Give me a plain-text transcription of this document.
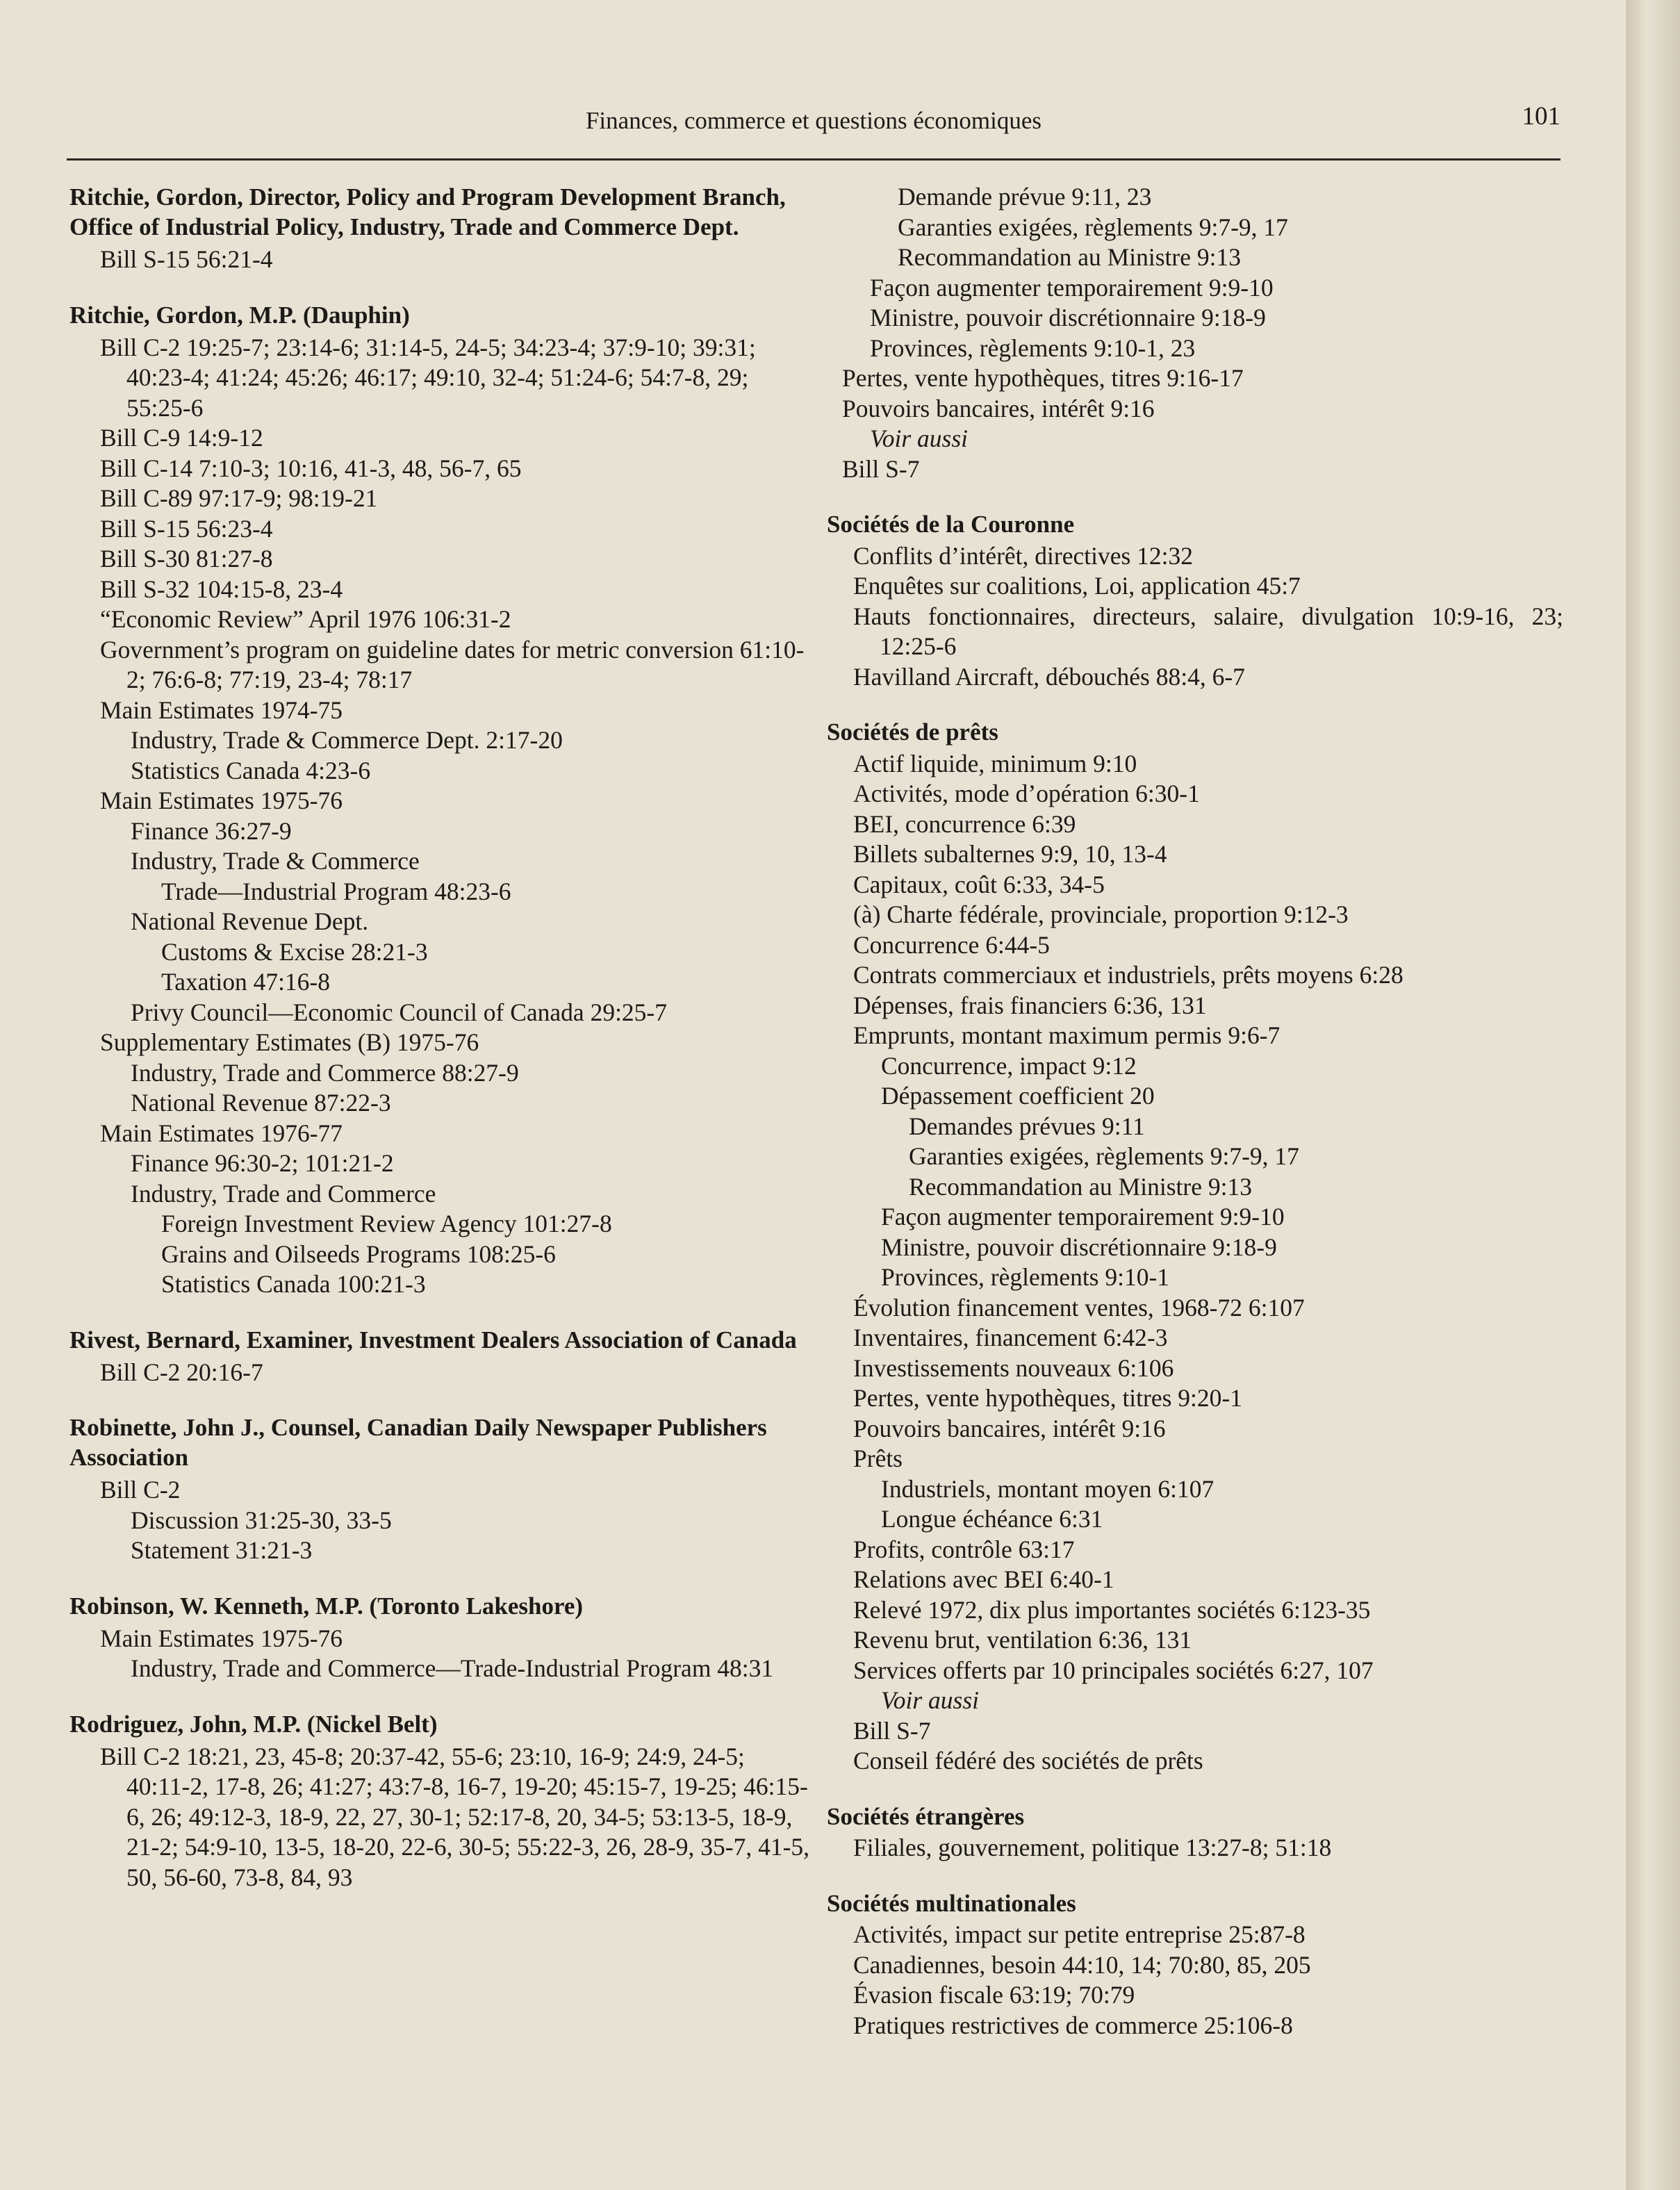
Finances, commerce et questions économiques	101
Ritchie, Gordon, Director, Policy and Program Development Branch, Office of Industrial Policy, Industry, Trade and Commerce Dept.
Bill S-15 56:21-4
Ritchie, Gordon, M.P. (Dauphin)
Bill C-2 19:25-7; 23:14-6; 31:14-5, 24-5; 34:23-4; 37:9-10; 39:31; 40:23-4; 41:24; 45:26; 46:17; 49:10, 32-4; 51:24-6; 54:7-8, 29; 55:25-6
Bill C-9 14:9-12
Bill C-14 7:10-3; 10:16, 41-3, 48, 56-7, 65
Bill C-89 97:17-9; 98:19-21
Bill S-15 56:23-4
Bill S-30 81:27-8
Bill S-32 104:15-8, 23-4
“Economic Review” April 1976 106:31-2
Government’s program on guideline dates for metric conversion 61:10-2; 76:6-8; 77:19, 23-4; 78:17
Main Estimates 1974-75
Industry, Trade & Commerce Dept. 2:17-20
Statistics Canada 4:23-6
Main Estimates 1975-76
Finance 36:27-9
Industry, Trade & Commerce
Trade—Industrial Program 48:23-6
National Revenue Dept.
Customs & Excise 28:21-3
Taxation 47:16-8
Privy Council—Economic Council of Canada 29:25-7
Supplementary Estimates (B) 1975-76
Industry, Trade and Commerce 88:27-9
National Revenue 87:22-3
Main Estimates 1976-77
Finance 96:30-2; 101:21-2
Industry, Trade and Commerce
Foreign Investment Review Agency 101:27-8
Grains and Oilseeds Programs 108:25-6
Statistics Canada 100:21-3
Rivest, Bernard, Examiner, Investment Dealers Association of Canada
Bill C-2 20:16-7
Robinette, John J., Counsel, Canadian Daily Newspaper Publishers Association
Bill C-2
Discussion 31:25-30, 33-5
Statement 31:21-3
Robinson, W. Kenneth, M.P. (Toronto Lakeshore)
Main Estimates 1975-76
Industry, Trade and Commerce—Trade-Industrial Program 48:31
Rodriguez, John, M.P. (Nickel Belt)
Bill C-2 18:21, 23, 45-8; 20:37-42, 55-6; 23:10, 16-9; 24:9, 24-5; 40:11-2, 17-8, 26; 41:27; 43:7-8, 16-7, 19-20; 45:15-7, 19-25; 46:15-6, 26; 49:12-3, 18-9, 22, 27, 30-1; 52:17-8, 20, 34-5; 53:13-5, 18-9, 21-2; 54:9-10, 13-5, 18-20, 22-6, 30-5; 55:22-3, 26, 28-9, 35-7, 41-5, 50, 56-60, 73-8, 84, 93
Demande prévue 9:11, 23
Garanties exigées, règlements 9:7-9, 17
Recommandation au Ministre 9:13
Façon augmenter temporairement 9:9-10
Ministre, pouvoir discrétionnaire 9:18-9
Provinces, règlements 9:10-1, 23
Pertes, vente hypothèques, titres 9:16-17
Pouvoirs bancaires, intérêt 9:16
Voir aussi
Bill S-7
Sociétés de la Couronne
Conflits d’intérêt, directives 12:32
Enquêtes sur coalitions, Loi, application 45:7
Hauts fonctionnaires, directeurs, salaire, divulgation 10:9-16, 23; 12:25-6
Havilland Aircraft, débouchés 88:4, 6-7
Sociétés de prêts
Actif liquide, minimum 9:10
Activités, mode d’opération 6:30-1
BEI, concurrence 6:39
Billets subalternes 9:9, 10, 13-4
Capitaux, coût 6:33, 34-5
(à) Charte fédérale, provinciale, proportion 9:12-3
Concurrence 6:44-5
Contrats commerciaux et industriels, prêts moyens 6:28
Dépenses, frais financiers 6:36, 131
Emprunts, montant maximum permis 9:6-7
Concurrence, impact 9:12
Dépassement coefficient 20
Demandes prévues 9:11
Garanties exigées, règlements 9:7-9, 17
Recommandation au Ministre 9:13
Façon augmenter temporairement 9:9-10
Ministre, pouvoir discrétionnaire 9:18-9
Provinces, règlements 9:10-1
Évolution financement ventes, 1968-72 6:107
Inventaires, financement 6:42-3
Investissements nouveaux 6:106
Pertes, vente hypothèques, titres 9:20-1
Pouvoirs bancaires, intérêt 9:16
Prêts
Industriels, montant moyen 6:107
Longue échéance 6:31
Profits, contrôle 63:17
Relations avec BEI 6:40-1
Relevé 1972, dix plus importantes sociétés 6:123-35
Revenu brut, ventilation 6:36, 131
Services offerts par 10 principales sociétés 6:27, 107
Voir aussi
Bill S-7
Conseil fédéré des sociétés de prêts
Sociétés étrangères
Filiales, gouvernement, politique 13:27-8; 51:18
Sociétés multinationales
Activités, impact sur petite entreprise 25:87-8
Canadiennes, besoin 44:10, 14; 70:80, 85, 205
Évasion fiscale 63:19; 70:79
Pratiques restrictives de commerce 25:106-8
